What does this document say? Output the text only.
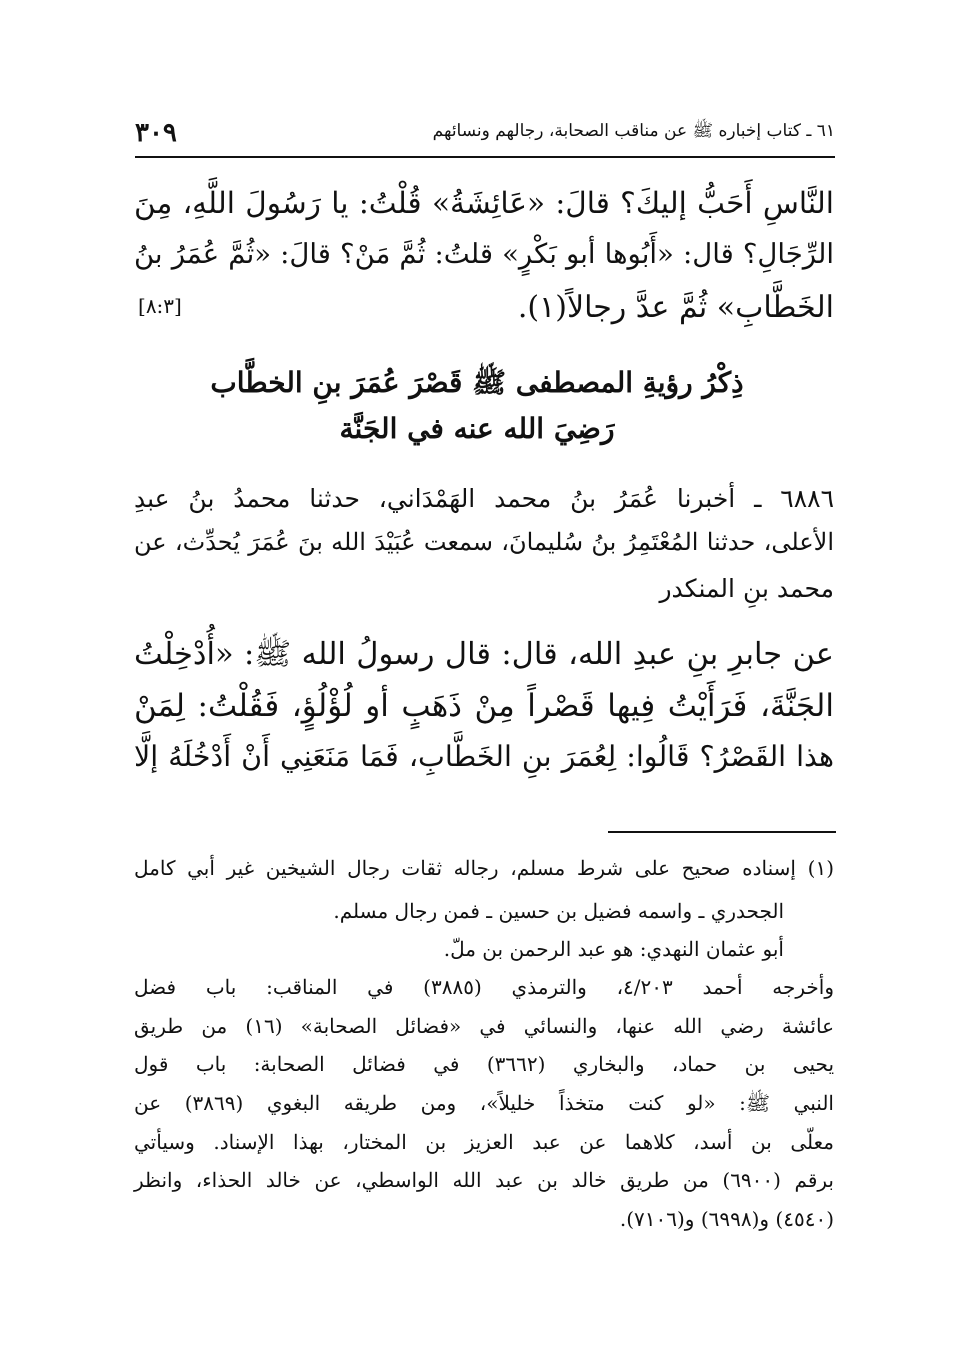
٦١ ـ كتاب إخباره ﷺ عن مناقب الصحابة، رجالهم ونسائهم
٣٠٩
النَّاسِ أَحَبُّ إليكَ؟ قالَ: «عَائِشَةُ» قُلْتُ: يا رَسُولَ اللَّهِ، مِنَ
الرِّجَالِ؟ قال: «أَبُوها أبو بَكْرٍ» قلتُ: ثُمَّ مَنْ؟ قالَ: «ثُمَّ عُمَرُ بنُ
الخَطَّابِ» ثُمَّ عدَّ رجالاً(١).
[٨:٣]
ذِكْرُ رؤيةِ المصطفى ﷺ قَصْرَ عُمَرَ بنِ الخطَّاب
رَضِيَ الله عنه في الجَنَّة
٦٨٨٦ ـ أخبرنا عُمَرُ بنُ محمد الهَمْدَاني، حدثنا محمدُ بنُ عبدِ
الأعلى، حدثنا المُعْتَمِرُ بنُ سُليمانَ، سمعت عُبَيْدَ الله بنَ عُمَرَ يُحدِّث، عن
محمد بنِ المنكدر
عن جابرِ بنِ عبدِ الله، قال: قال رسولُ الله ﷺ: «أُدْخِلْتُ
الجَنَّةَ، فَرَأَيْتُ فِيها قَصْراً مِنْ ذَهَبٍ أو لُؤْلُؤٍ، فَقُلْتُ: لِمَنْ
هذا القَصْرُ؟ قَالُوا: لِعُمَرَ بنِ الخَطَّابِ، فَمَا مَنَعَنِي أَنْ أَدْخُلَهُ إلَّا
(١) إسناده صحيح على شرط مسلم، رجاله ثقات رجال الشيخين غير أبي كامل
الجحدري ـ واسمه فضيل بن حسين ـ فمن رجال مسلم.
أبو عثمان النهدي: هو عبد الرحمن بن ملّ.
وأخرجه أحمد ٤/٢٠٣، والترمذي (٣٨٨٥) في المناقب: باب فضل
عائشة رضي الله عنها، والنسائي في «فضائل الصحابة» (١٦) من طريق
يحيى بن حماد، والبخاري (٣٦٦٢) في فضائل الصحابة: باب قول
النبي ﷺ: «لو كنت متخذاً خليلاً»، ومن طريقه البغوي (٣٨٦٩) عن
معلّى بن أسد، كلاهما عن عبد العزيز بن المختار، بهذا الإسناد. وسيأتي
برقم (٦٩٠٠) من طريق خالد بن عبد الله الواسطي، عن خالد الحذاء، وانظر
(٤٥٤٠) و(٦٩٩٨) و(٧١٠٦).
